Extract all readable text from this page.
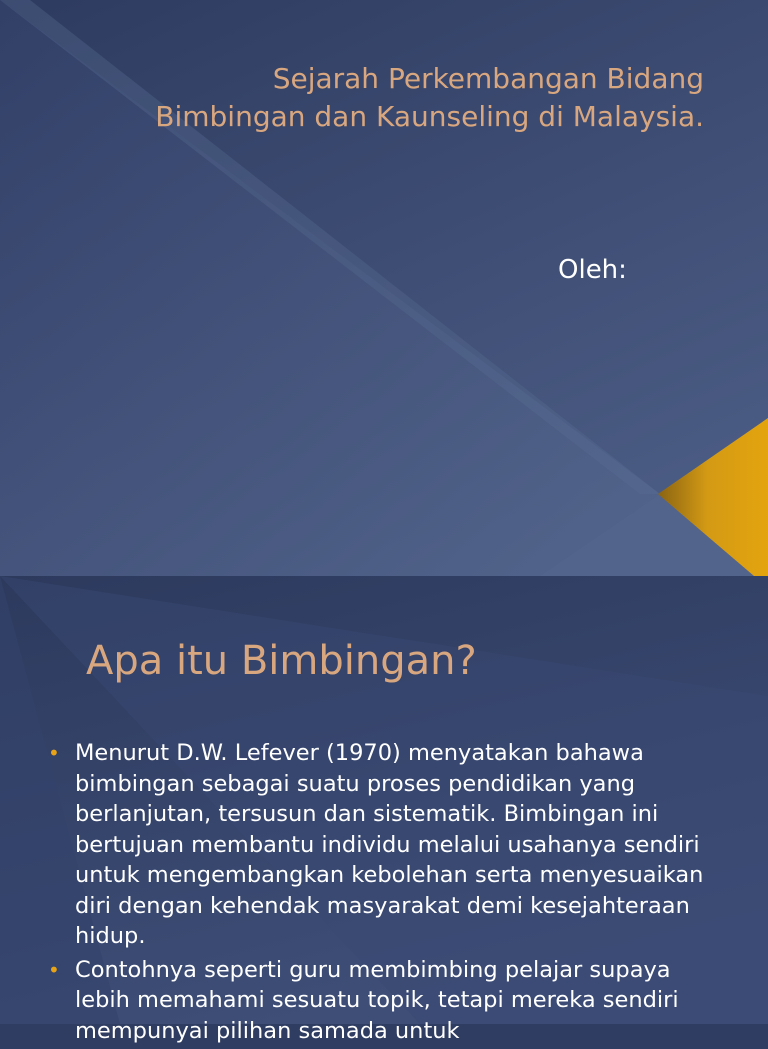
Sejarah Perkembangan Bidang Bimbingan dan Kaunseling di Malaysia.
Oleh:
Apa itu Bimbingan?
• Menurut D.W. Lefever (1970) menyatakan bahawa bimbingan sebagai suatu proses pendidikan yang berlanjutan, tersusun dan sistematik. Bimbingan ini bertujuan membantu individu melalui usahanya sendiri untuk mengembangkan kebolehan serta menyesuaikan diri dengan kehendak masyarakat demi kesejahteraan hidup.
• Contohnya seperti guru membimbing pelajar supaya lebih memahami sesuatu topik, tetapi mereka sendiri mempunyai pilihan samada untuk
